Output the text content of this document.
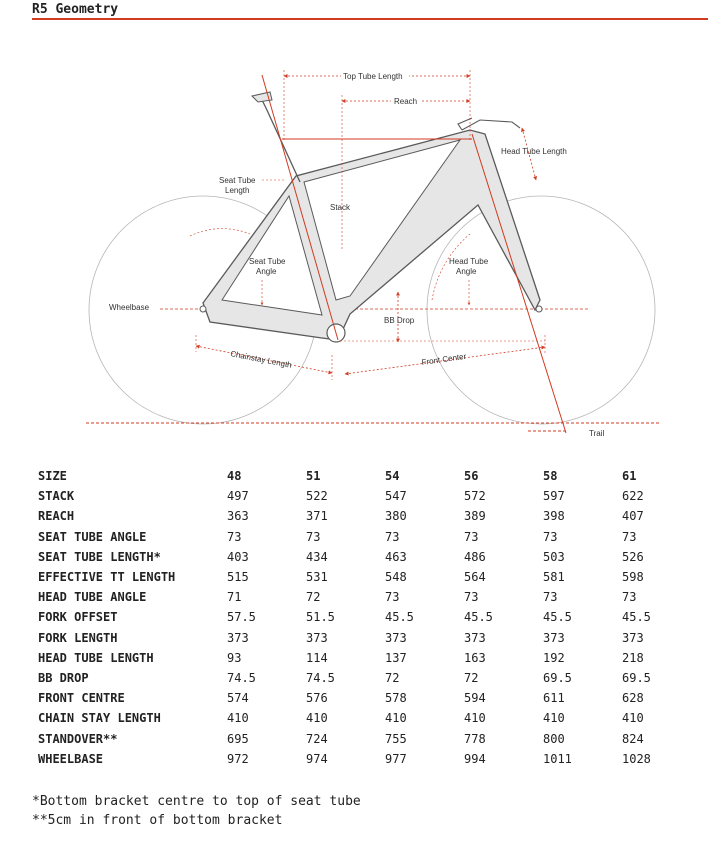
R5 Geometry
Top Tube Length
Reach
Stack
Head Tube Length
Seat Tube
Length
Seat Tube
Angle
Head Tube
Angle
Wheelbase
BB Drop
Chainstay Length	Front Center
Trail
SIZE	48	51	54	56	58	61
STACK	497	522	547	572	597	622
REACH	363	371	380	389	398	407
SEAT TUBE ANGLE	73	73	73	73	73	73
SEAT TUBE LENGTH*	403	434	463	486	503	526
EFFECTIVE TT LENGTH	515	531	548	564	581	598
HEAD TUBE ANGLE	71	72	73	73	73	73
FORK OFFSET	57.5	51.5	45.5	45.5	45.5	45.5
FORK LENGTH	373	373	373	373	373	373
HEAD TUBE LENGTH	93	114	137	163	192	218
BB DROP	74.5	74.5	72	72	69.5	69.5
FRONT CENTRE	574	576	578	594	611	628
CHAIN STAY LENGTH	410	410	410	410	410	410
STANDOVER**	695	724	755	778	800	824
WHEELBASE	972	974	977	994	1011	1028
*Bottom bracket centre to top of seat tube
**5cm in front of bottom bracket
